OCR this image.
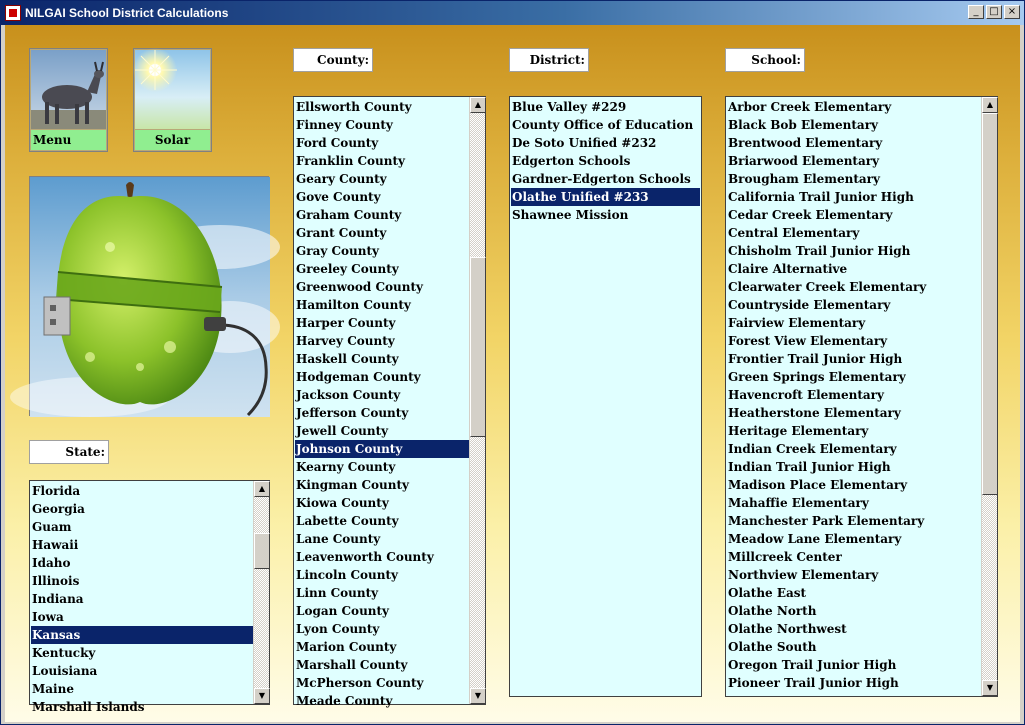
NILGAI School District Calculations	_	□ ×
Menu	Solar
State:
County:	District:	School:
Florida
Georgia
Guam
Hawaii
Idaho
Illinois
Indiana
Iowa
Kansas
Kentucky
Louisiana
Maine
Marshall Islands
▲
▼
Ellsworth County
Finney County
Ford County
Franklin County
Geary County
Gove County
Graham County
Grant County
Gray County
Greeley County
Greenwood County
Hamilton County
Harper County
Harvey County
Haskell County
Hodgeman County
Jackson County
Jefferson County
Jewell County
Johnson County
Kearny County
Kingman County
Kiowa County
Labette County
Lane County
Leavenworth County
Lincoln County
Linn County
Logan County
Lyon County
Marion County
Marshall County
McPherson County
Meade County
▲
▼
Blue Valley #229
County Office of Education
De Soto Unified #232
Edgerton Schools
Gardner-Edgerton Schools
Olathe Unified #233
Shawnee Mission
Arbor Creek Elementary
Black Bob Elementary
Brentwood Elementary
Briarwood Elementary
Brougham Elementary
California Trail Junior High
Cedar Creek Elementary
Central Elementary
Chisholm Trail Junior High
Claire Alternative
Clearwater Creek Elementary
Countryside Elementary
Fairview Elementary
Forest View Elementary
Frontier Trail Junior High
Green Springs Elementary
Havencroft Elementary
Heatherstone Elementary
Heritage Elementary
Indian Creek Elementary
Indian Trail Junior High
Madison Place Elementary
Mahaffie Elementary
Manchester Park Elementary
Meadow Lane Elementary
Millcreek Center
Northview Elementary
Olathe East
Olathe North
Olathe Northwest
Olathe South
Oregon Trail Junior High
Pioneer Trail Junior High
▲
▼
